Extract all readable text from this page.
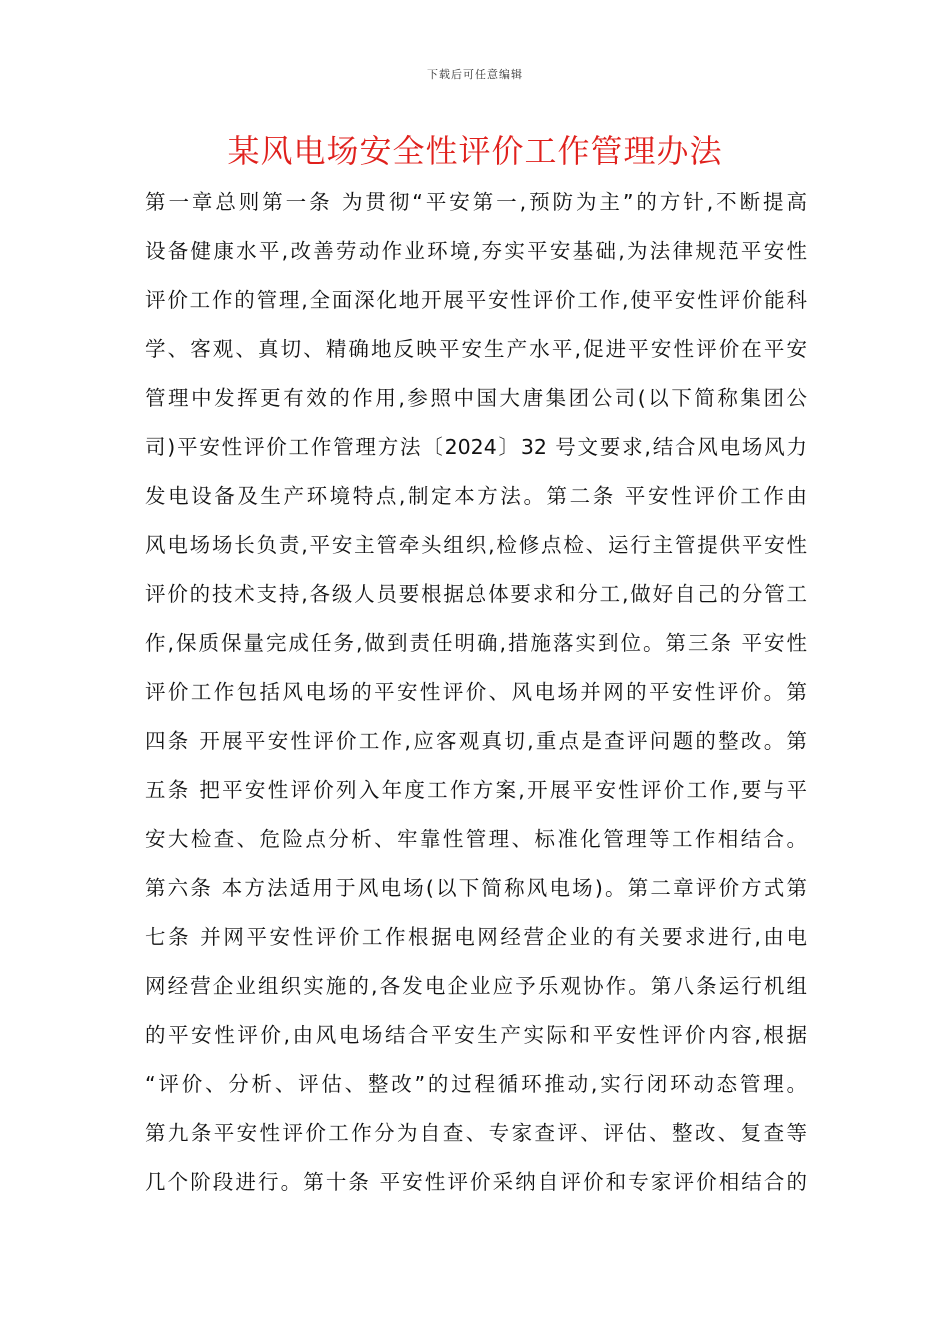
下载后可任意编辑
某风电场安全性评价工作管理办法
第一章总则第一条 为贯彻“平安第一,预防为主”的方针,不断提高
设备健康水平,改善劳动作业环境,夯实平安基础,为法律规范平安性
评价工作的管理,全面深化地开展平安性评价工作,使平安性评价能科
学、客观、真切、精确地反映平安生产水平,促进平安性评价在平安
管理中发挥更有效的作用,参照中国大唐集团公司(以下简称集团公
司)平安性评价工作管理方法〔2024〕32 号文要求,结合风电场风力
发电设备及生产环境特点,制定本方法。第二条 平安性评价工作由
风电场场长负责,平安主管牵头组织,检修点检、运行主管提供平安性
评价的技术支持,各级人员要根据总体要求和分工,做好自己的分管工
作,保质保量完成任务,做到责任明确,措施落实到位。第三条 平安性
评价工作包括风电场的平安性评价、风电场并网的平安性评价。第
四条 开展平安性评价工作,应客观真切,重点是查评问题的整改。第
五条 把平安性评价列入年度工作方案,开展平安性评价工作,要与平
安大检查、危险点分析、牢靠性管理、标准化管理等工作相结合。
第六条 本方法适用于风电场(以下简称风电场)。第二章评价方式第
七条 并网平安性评价工作根据电网经营企业的有关要求进行,由电
网经营企业组织实施的,各发电企业应予乐观协作。第八条运行机组
的平安性评价,由风电场结合平安生产实际和平安性评价内容,根据
“评价、分析、评估、整改”的过程循环推动,实行闭环动态管理。
第九条平安性评价工作分为自查、专家查评、评估、整改、复查等
几个阶段进行。第十条 平安性评价采纳自评价和专家评价相结合的
